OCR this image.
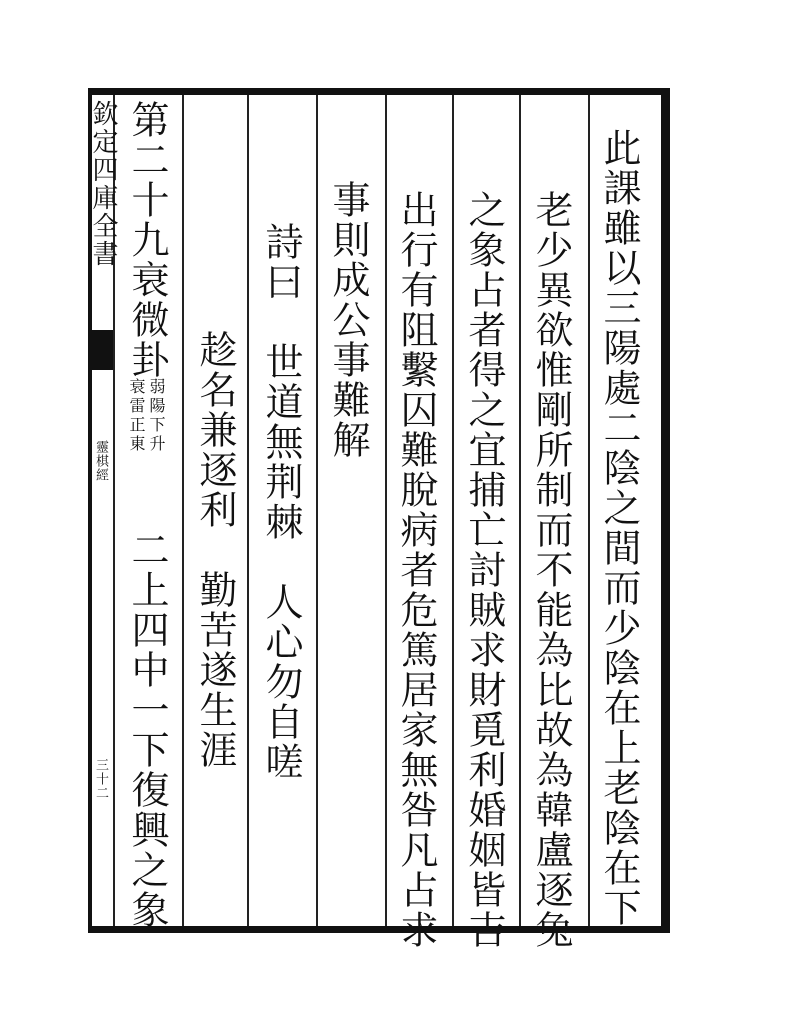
欽定四庫全書
靈棋經
三十二	此課雖以三陽處二陰之間而少陰在上老陰在下
老少異欲惟剛所制而不能為比故為韓盧逐兔
之象占者得之宜捕亡討賊求財覓利婚姻皆吉
出行有阻繫囚難脫病者危篤居家無咎凡占求
事則成公事難解
詩曰　世道無荆棘　人心勿自嗟
趁名兼逐利　勤苦遂生涯
第二十九衰微卦
弱陽下升
衰雷正東
二上四中一下復興之象
